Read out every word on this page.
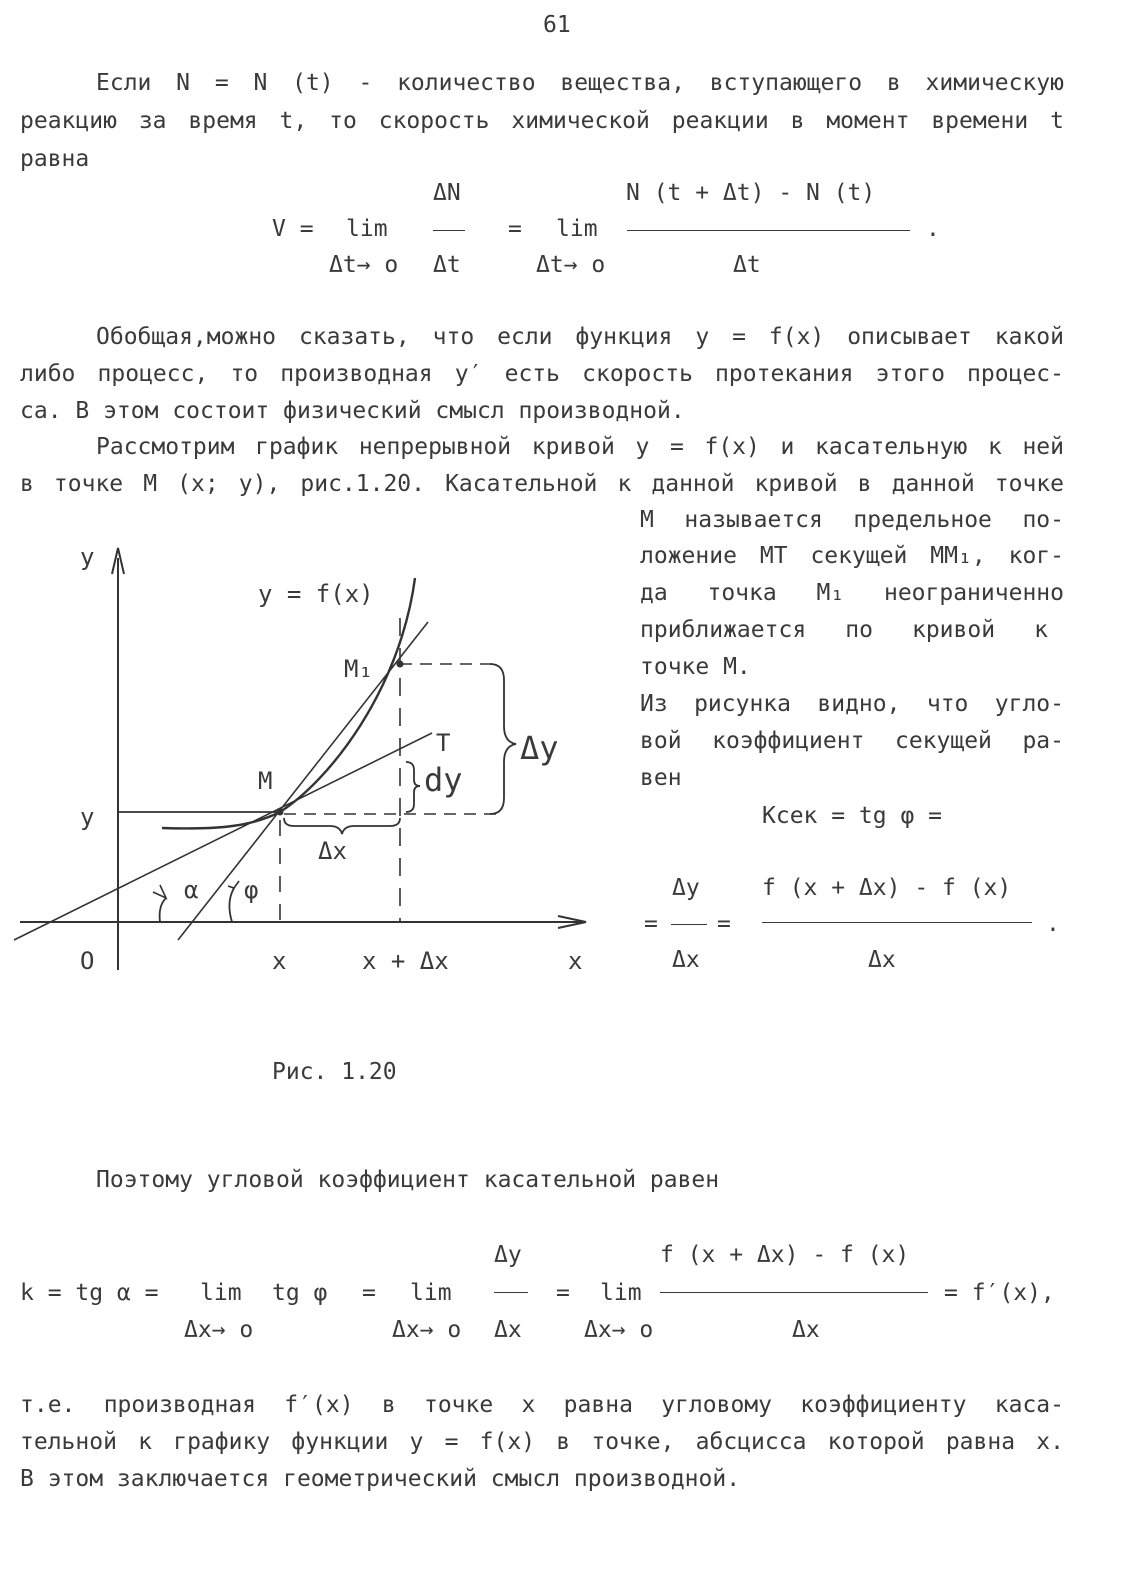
61
Если N = N (t) - количество вещества, вступающего в химическую
реакцию за время t, то скорость химической реакции в момент времени t
равна
ΔN	N (t + Δt) - N (t)
V = lim	= lim	.
Δt→ o Δt	Δt→ o	Δt
Обобщая,можно сказать, что если функция y = f(x) описывает какой
либо процесс, то производная y′ есть скорость протекания этого процес-
са. В этом состоит физический смысл производной.
Рассмотрим график непрерывной кривой y = f(x) и касательную к ней
в точке M (x; y), рис.1.20. Касательной к данной кривой в данной точке
M называется предельное по-
ложение MT секущей MM₁, ког-
да точка M₁ неограниченно
приближается по кривой к
точке M.
Из рисунка видно, что угло-
вой коэффициент секущей ра-
вен
Kсек = tg φ =
Δy	f (x + Δx) - f (x)
=	=	.
Δx	Δx
y
y = f(x)
M₁
T Δy
dy
M
y
Δx
α φ
O	x	x + Δx	x
Рис. 1.20
Поэтому угловой коэффициент касательной равен
Δy	f (x + Δx) - f (x)
k = tg α = lim tg φ = lim	= lim	= f′(x),
Δx→ o	Δx→ o Δx	Δx→ o	Δx
т.е. производная f′(x) в точке x равна угловому коэффициенту каса-
тельной к графику функции y = f(x) в точке, абсцисса которой равна x.
В этом заключается геометрический смысл производной.
